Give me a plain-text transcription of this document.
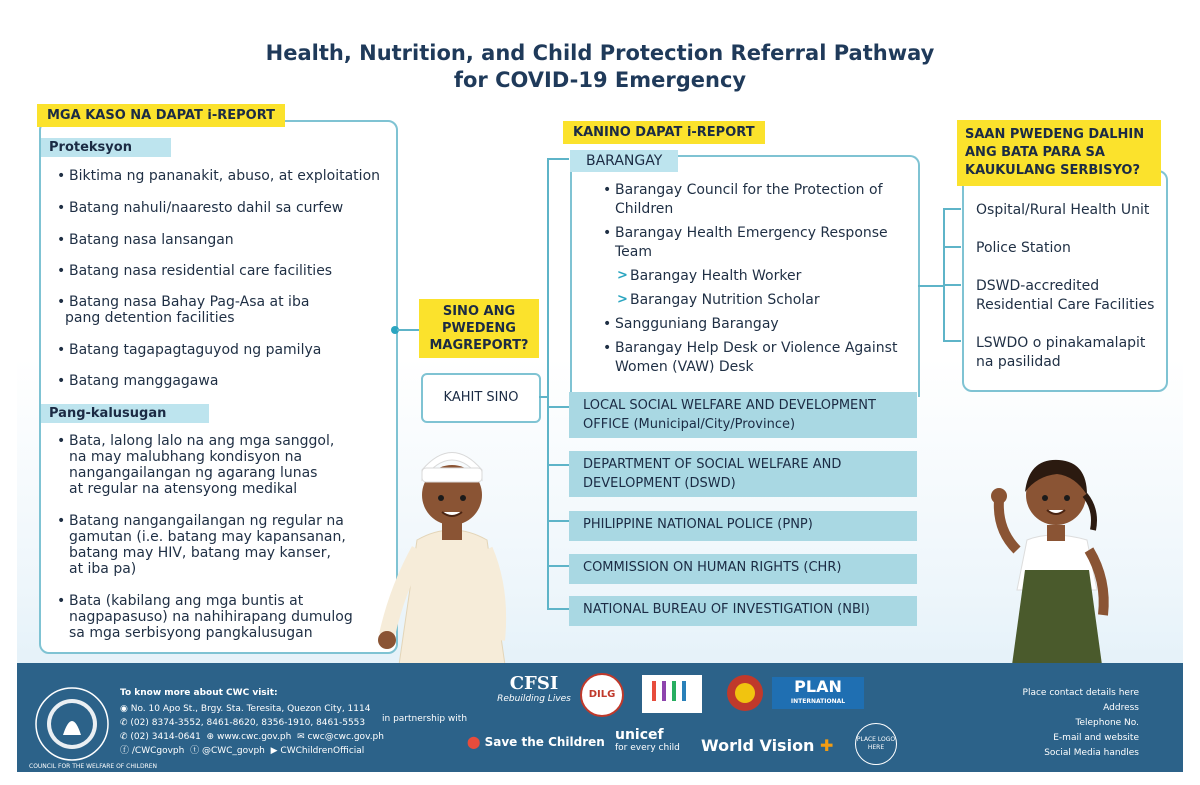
Health, Nutrition, and Child Protection Referral Pathway
for COVID-19 Emergency
MGA KASO NA DAPAT i-REPORT
Proteksyon
• Biktima ng pananakit, abuso, at exploitation
• Batang nahuli/naaresto dahil sa curfew
• Batang nasa lansangan
• Batang nasa residential care facilities
• Batang nasa Bahay Pag-Asa at iba
pang detention facilities
• Batang tagapagtaguyod ng pamilya
• Batang manggagawa
Pang-kalusugan
• Bata, lalong lalo na ang mga sanggol,
na may malubhang kondisyon na
nangangailangan ng agarang lunas
at regular na atensyong medikal
• Batang nangangailangan ng regular na
gamutan (i.e. batang may kapansanan,
batang may HIV, batang may kanser,
at iba pa)
• Bata (kabilang ang mga buntis at
nagpapasuso) na nahihirapang dumulog
sa mga serbisyong pangkalusugan
SINO ANG
PWEDENG
MAGREPORT?
KAHIT SINO
KANINO DAPAT i-REPORT
BARANGAY
• Barangay Council for the Protection of
Children
• Barangay Health Emergency Response
Team
> Barangay Health Worker
> Barangay Nutrition Scholar
• Sangguniang Barangay
• Barangay Help Desk or Violence Against
Women (VAW) Desk
LOCAL SOCIAL WELFARE AND DEVELOPMENT
OFFICE (Municipal/City/Province)
DEPARTMENT OF SOCIAL WELFARE AND
DEVELOPMENT (DSWD)
PHILIPPINE NATIONAL POLICE (PNP)
COMMISSION ON HUMAN RIGHTS (CHR)
NATIONAL BUREAU OF INVESTIGATION (NBI)
SAAN PWEDENG DALHIN
ANG BATA PARA SA
KAUKULANG SERBISYO?
Ospital/Rural Health Unit
Police Station
DSWD-accredited
Residential Care Facilities
LSWDO o pinakamalapit
na pasilidad
COUNCIL FOR THE WELFARE OF CHILDREN
To know more about CWC visit:
◉ No. 10 Apo St., Brgy. Sta. Teresita, Quezon City, 1114
✆ (02) 8374-3552, 8461-8620, 8356-1910, 8461-5553
✆ (02) 3414-0641 ⊕ www.cwc.gov.ph ✉ cwc@cwc.gov.ph
ⓕ /CWCgovph ⓣ @CWC_govph ▶ CWChildrenOfficial
in partnership with
CFSI
Rebuilding Lives	DILG	PLAN
INTERNATIONAL
⬤ Save the Children unicef
for every child World Vision ✚	PLACE LOGO HERE
Place contact details here
Address
Telephone No.
E-mail and website
Social Media handles
